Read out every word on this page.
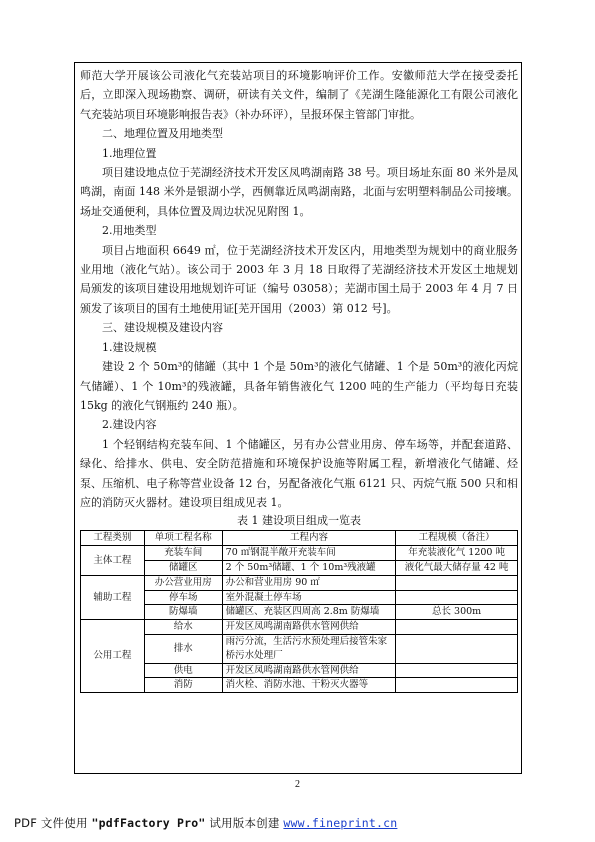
师范大学开展该公司液化气充装站项目的环境影响评价工作。安徽师范大学在接受委托后，立即深入现场勘察、调研，研读有关文件，编制了《芜湖生隆能源化工有限公司液化气充装站项目环境影响报告表》（补办环评），呈报环保主管部门审批。

二、地理位置及用地类型

1.地理位置

项目建设地点位于芜湖经济技术开发区凤鸣湖南路 38 号。项目场址东面 80 米外是凤鸣湖，南面 148 米外是银湖小学，西侧靠近凤鸣湖南路，北面与宏明塑料制品公司接壤。场址交通便利，具体位置及周边状况见附图 1。

2.用地类型

项目占地面积 6649 ㎡，位于芜湖经济技术开发区内，用地类型为规划中的商业服务业用地（液化气站）。该公司于 2003 年 3 月 18 日取得了芜湖经济技术开发区土地规划局颁发的该项目建设用地规划许可证（编号 03058）；芜湖市国土局于 2003 年 4 月 7 日颁发了该项目的国有土地使用证[芜开国用（2003）第 012 号]。

三、建设规模及建设内容

1.建设规模

建设 2 个 50m³的储罐（其中 1 个是 50m³的液化气储罐、1 个是 50m³的液化丙烷气储罐）、1 个 10m³的残液罐，具备年销售液化气 1200 吨的生产能力（平均每日充装 15kg 的液化气钢瓶约 240 瓶）。

2.建设内容

1 个轻钢结构充装车间、1 个储罐区，另有办公营业用房、停车场等，并配套道路、绿化、给排水、供电、安全防范措施和环境保护设施等附属工程，新增液化气储罐、烃泵、压缩机、电子称等营业设备 12 台，另配备液化气瓶 6121 只、丙烷气瓶 500 只和相应的消防灭火器材。建设项目组成见表 1。

表 1 建设项目组成一览表
工程类别	单项工程名称	工程内容	工程规模（备注）
主体工程	充装车间	70 ㎡钢混半敞开充装车间	年充装液化气 1200 吨
	储罐区	2 个 50m³储罐、1 个 10m³残液罐	液化气最大储存量 42 吨
辅助工程	办公营业用房	办公和营业用房 90 ㎡	
	停车场	室外混凝土停车场	
	防爆墙	储罐区、充装区四周高 2.8m 防爆墙	总长 300m
公用工程	给水	开发区凤鸣湖南路供水管网供给	
	排水	雨污分流，生活污水预处理后接管朱家桥污水处理厂	
	供电	开发区凤鸣湖南路供水管网供给	
	消防	消火栓、消防水池、干粉灭火器等	
2
PDF 文件使用 "pdfFactory Pro" 试用版本创建 www.fineprint.cn
